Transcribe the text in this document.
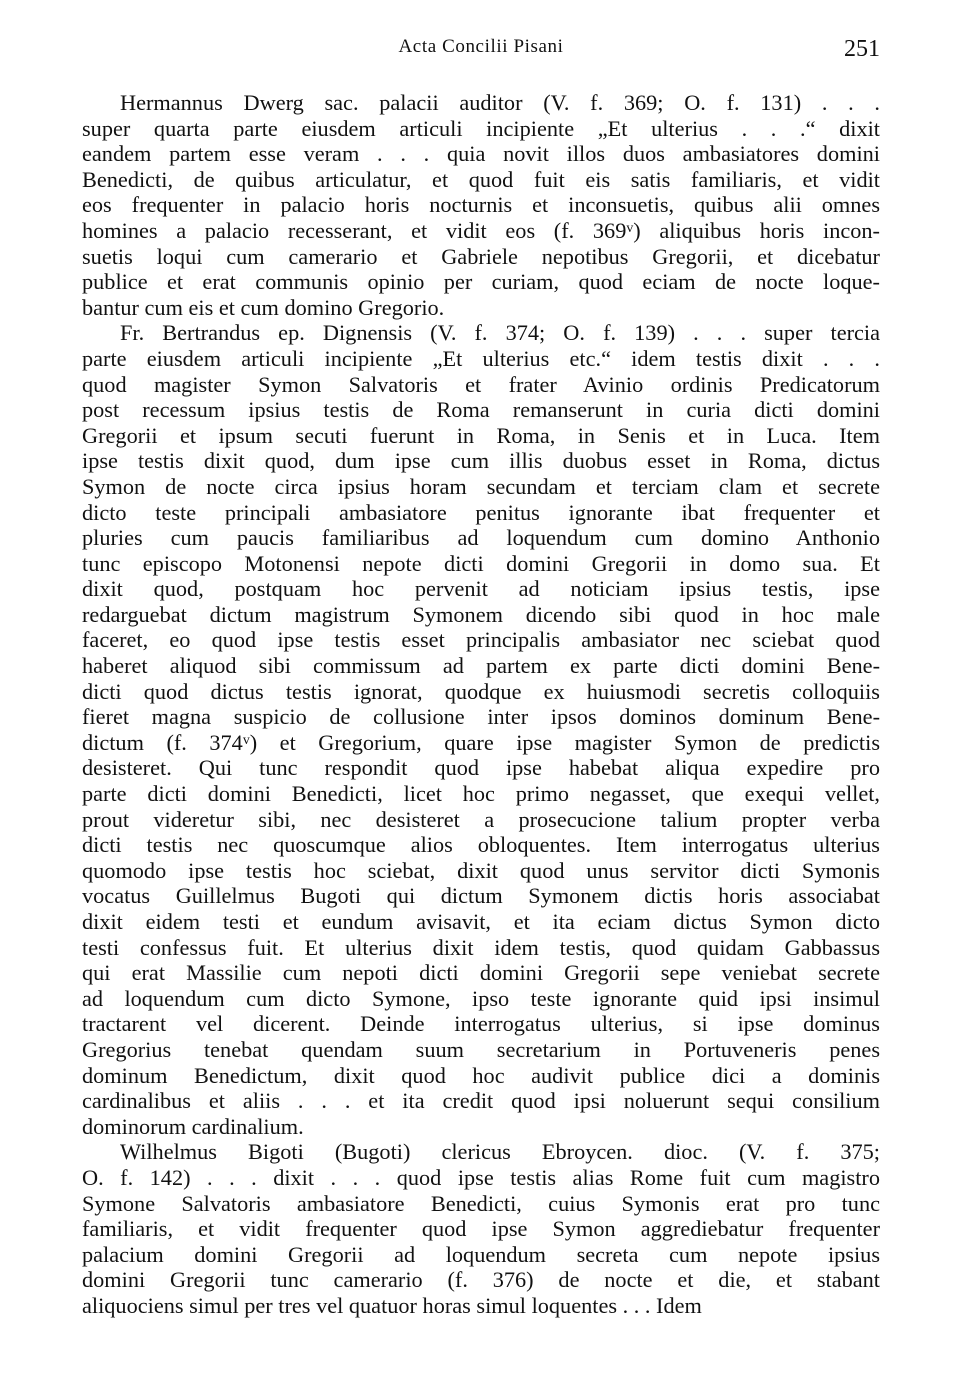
Acta Concilii Pisani	251
Hermannus Dwerg sac. palacii auditor (V. f. 369; O. f. 131) . . .
super quarta parte eiusdem articuli incipiente „Et ulterius . . .“ dixit
eandem partem esse veram . . . quia novit illos duos ambasiatores domini
Benedicti, de quibus articulatur, et quod fuit eis satis familiaris, et vidit
eos frequenter in palacio horis nocturnis et inconsuetis, quibus alii omnes
homines a palacio recesserant, et vidit eos (f. 369$^v$) aliquibus horis incon-
suetis loqui cum camerario et Gabriele nepotibus Gregorii, et dicebatur
publice et erat communis opinio per curiam, quod eciam de nocte loque-
bantur cum eis et cum domino Gregorio.
Fr. Bertrandus ep. Dignensis (V. f. 374; O. f. 139) . . . super tercia
parte eiusdem articuli incipiente „Et ulterius etc.“ idem testis dixit . . .
quod magister Symon Salvatoris et frater Avinio ordinis Predicatorum
post recessum ipsius testis de Roma remanserunt in curia dicti domini
Gregorii et ipsum secuti fuerunt in Roma, in Senis et in Luca. Item
ipse testis dixit quod, dum ipse cum illis duobus esset in Roma, dictus
Symon de nocte circa ipsius horam secundam et terciam clam et secrete
dicto teste principali ambasiatore penitus ignorante ibat frequenter et
pluries cum paucis familiaribus ad loquendum cum domino Anthonio
tunc episcopo Motonensi nepote dicti domini Gregorii in domo sua. Et
dixit quod, postquam hoc pervenit ad noticiam ipsius testis, ipse
redarguebat dictum magistrum Symonem dicendo sibi quod in hoc male
faceret, eo quod ipse testis esset principalis ambasiator nec sciebat quod
haberet aliquod sibi commissum ad partem ex parte dicti domini Bene-
dicti quod dictus testis ignorat, quodque ex huiusmodi secretis colloquiis
fieret magna suspicio de collusione inter ipsos dominos dominum Bene-
dictum (f. 374$^v$) et Gregorium, quare ipse magister Symon de predictis
desisteret. Qui tunc respondit quod ipse habebat aliqua expedire pro
parte dicti domini Benedicti, licet hoc primo negasset, que exequi vellet,
prout videretur sibi, nec desisteret a prosecucione talium propter verba
dicti testis nec quoscumque alios obloquentes. Item interrogatus ulterius
quomodo ipse testis hoc sciebat, dixit quod unus servitor dicti Symonis
vocatus Guillelmus Bugoti qui dictum Symonem dictis horis associabat
dixit eidem testi et eundum avisavit, et ita eciam dictus Symon dicto
testi confessus fuit. Et ulterius dixit idem testis, quod quidam Gabbassus
qui erat Massilie cum nepoti dicti domini Gregorii sepe veniebat secrete
ad loquendum cum dicto Symone, ipso teste ignorante quid ipsi insimul
tractarent vel dicerent. Deinde interrogatus ulterius, si ipse dominus
Gregorius tenebat quendam suum secretarium in Portuveneris penes
dominum Benedictum, dixit quod hoc audivit publice dici a dominis
cardinalibus et aliis . . . et ita credit quod ipsi noluerunt sequi consilium
dominorum cardinalium.
Wilhelmus Bigoti (Bugoti) clericus Ebroycen. dioc. (V. f. 375;
O. f. 142) . . . dixit . . . quod ipse testis alias Rome fuit cum magistro
Symone Salvatoris ambasiatore Benedicti, cuius Symonis erat pro tunc
familiaris, et vidit frequenter quod ipse Symon aggrediebatur frequenter
palacium domini Gregorii ad loquendum secreta cum nepote ipsius
domini Gregorii tunc camerario (f. 376) de nocte et die, et stabant
aliquociens simul per tres vel quatuor horas simul loquentes . . . Idem
